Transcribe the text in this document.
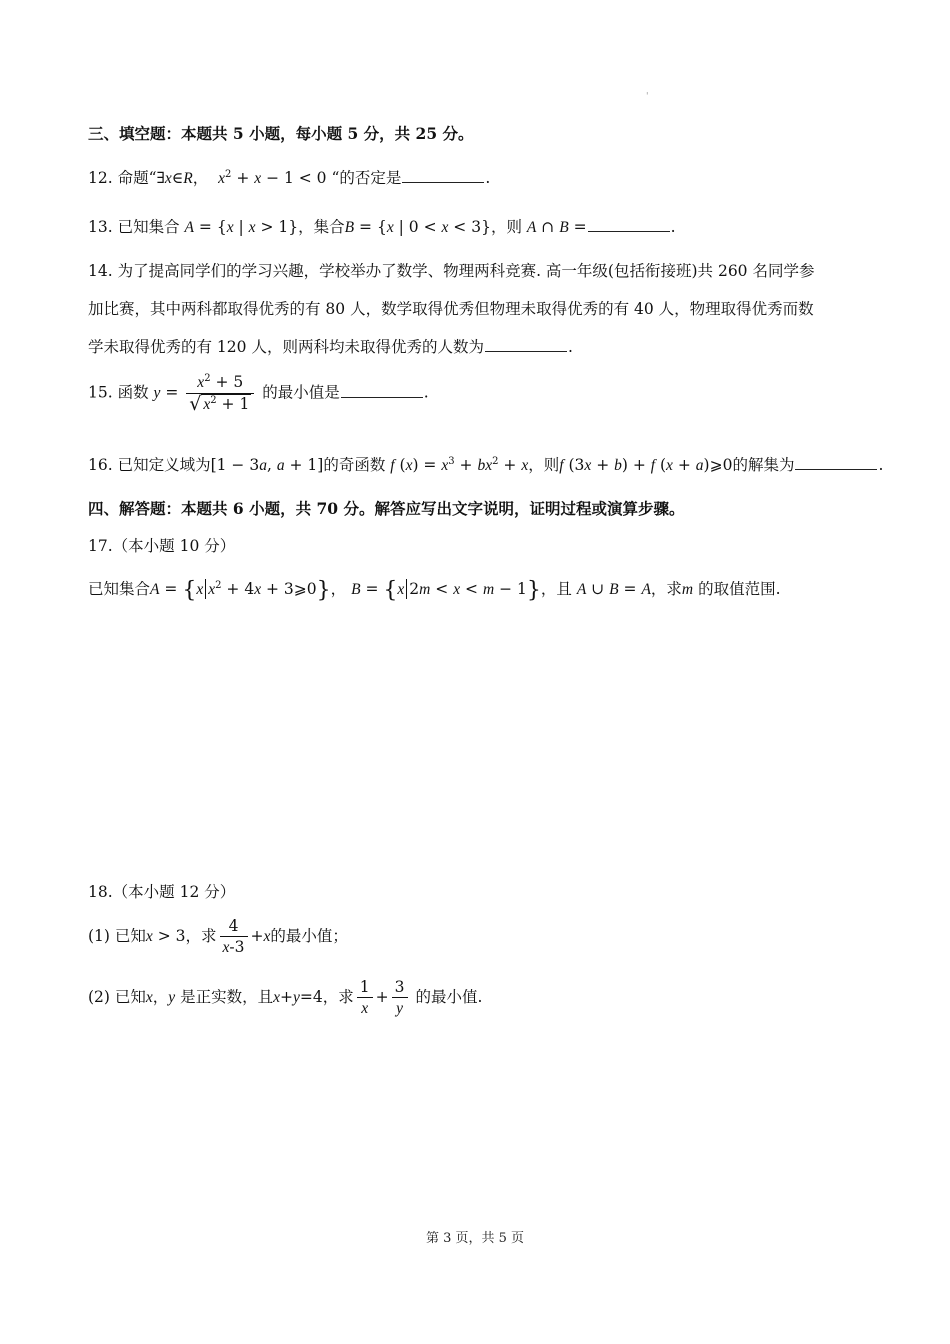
'
三、填空题：本题共 5 小题，每小题 5 分，共 25 分。
12. 命题“∃x∈R， $x^2 + x - 1 < 0$ “的否定是	.
13. 已知集合 A = {x | x > 1}，集合B = {x | 0 < x < 3}，则 A ∩ B =	.
14. 为了提高同学们的学习兴趣，学校举办了数学、物理两科竞赛. 高一年级(包括衔接班)共 260 名同学参
加比赛，其中两科都取得优秀的有 80 人，数学取得优秀但物理未取得优秀的有 40 人，物理取得优秀而数
学未取得优秀的有 120 人，则两科均未取得优秀的人数为	.
15. 函数 $y = \frac{x^2 + 5}{√ x^2 + 1}$ 的最小值是	.
16. 已知定义域为[1 − 3a, a + 1]的奇函数 f $(x) = x^3 + bx^2 + x$，则f (3x + b) + f (x + a)⩾0的解集为	.
四、解答题：本题共 6 小题，共 70 分。解答应写出文字说明，证明过程或演算步骤。
17.（本小题 10 分）
已知集合A = {x $x^2 + 4x$ + 3⩾0}， B = {x 2m < x < m − 1}，且 A ∪ B = A，求m 的取值范围.
18.（本小题 12 分）
(1) 已知x > 3，求 $\frac{4}{x-3} +x$的最小值；
(2) 已知x，y 是正实数，且x+y=4，求 $\frac{1}{x} + \frac{3}{y}$ 的最小值.
第 3 页，共 5 页
